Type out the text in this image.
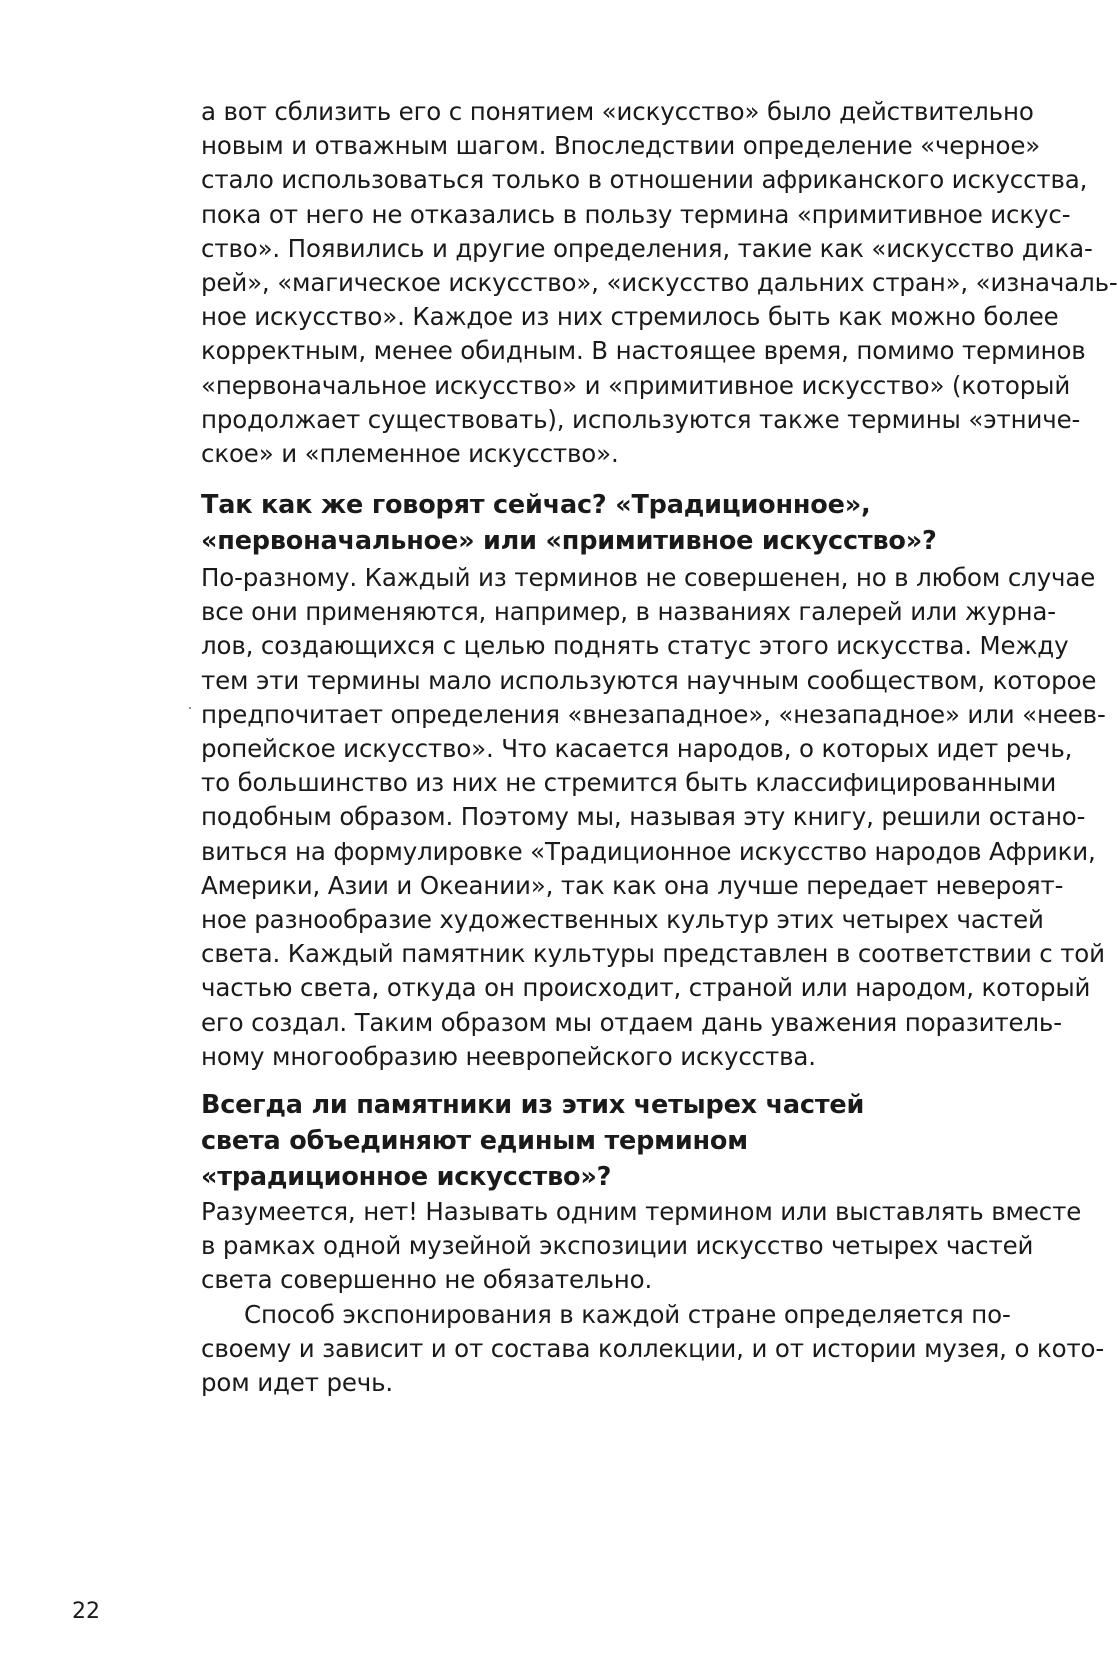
а вот сблизить его с понятием «искусство» было действительно
новым и отважным шагом. Впоследствии определение «черное»
стало использоваться только в отношении африканского искусства,
пока от него не отказались в пользу термина «примитивное искус-
ство». Появились и другие определения, такие как «искусство дика-
рей», «магическое искусство», «искусство дальних стран», «изначаль-
ное искусство». Каждое из них стремилось быть как можно более
корректным, менее обидным. В настоящее время, помимо терминов
«первоначальное искусство» и «примитивное искусство» (который
продолжает существовать), используются также термины «этниче-
ское» и «племенное искусство».
Так как же говорят сейчас? «Традиционное»,
«первоначальное» или «примитивное искусство»?
По-разному. Каждый из терминов не совершенен, но в любом случае
все они применяются, например, в названиях галерей или журна-
лов, создающихся с целью поднять статус этого искусства. Между
тем эти термины мало используются научным сообществом, которое
предпочитает определения «внезападное», «незападное» или «неев-
ропейское искусство». Что касается народов, о которых идет речь,
то большинство из них не стремится быть классифицированными
подобным образом. Поэтому мы, называя эту книгу, решили остано-
виться на формулировке «Традиционное искусство народов Африки,
Америки, Азии и Океании», так как она лучше передает невероят-
ное разнообразие художественных культур этих четырех частей
света. Каждый памятник культуры представлен в соответствии с той
частью света, откуда он происходит, страной или народом, который
его создал. Таким образом мы отдаем дань уважения поразитель-
ному многообразию неевропейского искусства.
Всегда ли памятники из этих четырех частей
света объединяют единым термином
«традиционное искусство»?
Разумеется, нет! Называть одним термином или выставлять вместе
в рамках одной музейной экспозиции искусство четырех частей
света совершенно не обязательно.
Способ экспонирования в каждой стране определяется по-
своему и зависит и от состава коллекции, и от истории музея, о кото-
ром идет речь.
22
